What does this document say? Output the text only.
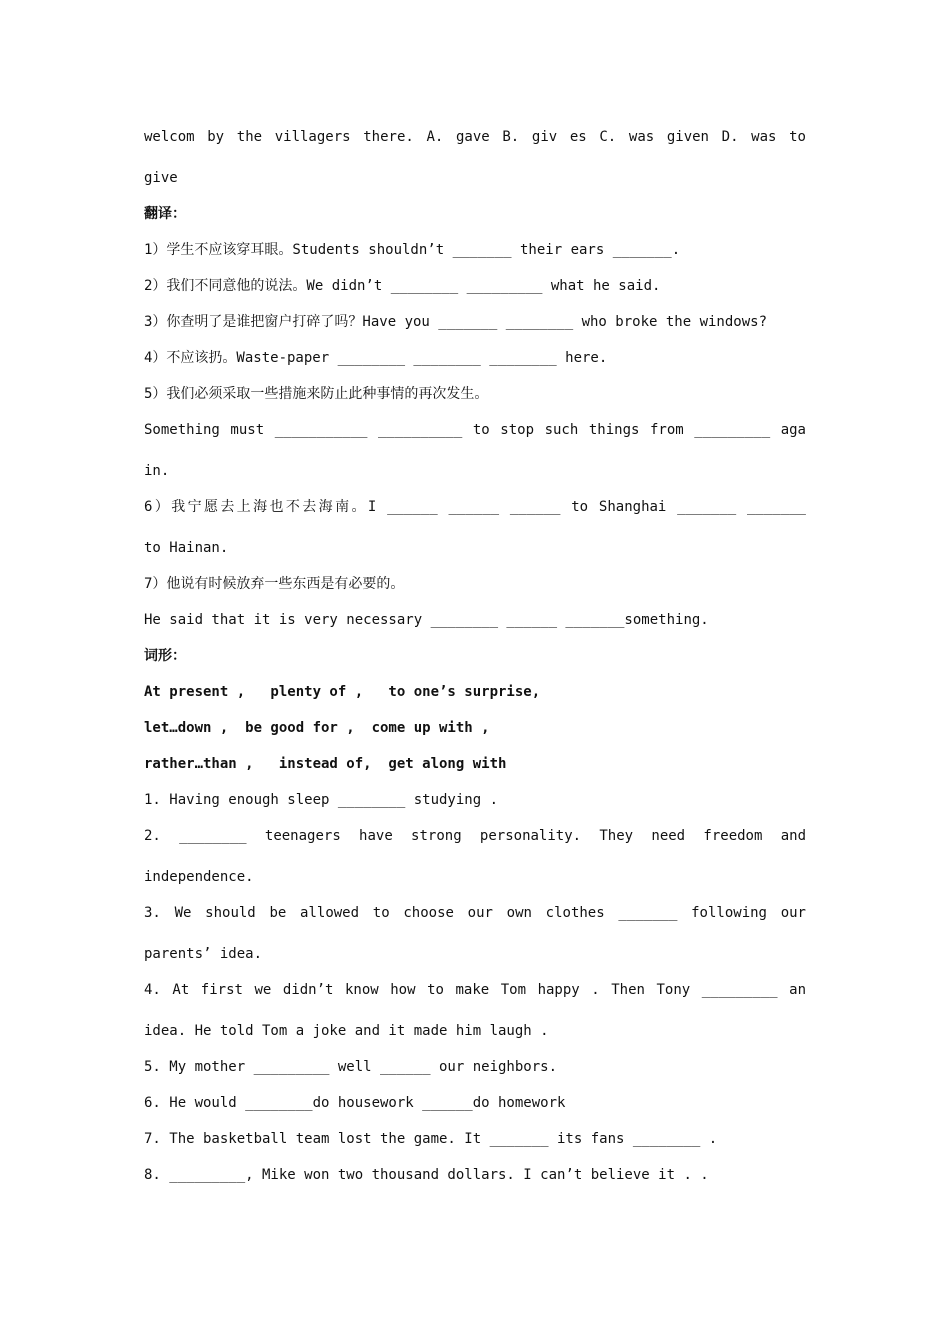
welcom by the villagers there. A. gave B. giv es C. was given D. was to
give
翻译：
1）学生不应该穿耳眼。Students shouldn’t _______ their ears _______.
2）我们不同意他的说法。We didn’t ________ _________ what he said.
3）你查明了是谁把窗户打碎了吗？Have you _______ ________ who broke the windows?
4）不应该扔。Waste-paper ________ ________ ________ here.
5）我们必须采取一些措施来防止此种事情的再次发生。
Something must ___________ __________ to stop such things from _________ aga
in.
6）我宁愿去上海也不去海南。I ______ ______ ______ to Shanghai _______ _______
to Hainan.
7）他说有时候放弃一些东西是有必要的。
He said that it is very necessary ________ ______ _______something.
词形：
At present ,   plenty of ,   to one’s surprise,
let…down ,  be good for ,  come up with ,
rather…than ,   instead of,  get along with
1. Having enough sleep ________ studying .
2. ________ teenagers have strong personality. They need freedom and
independence.
3. We should be allowed to choose our own clothes _______ following our
parents’ idea.
4. At first we didn’t know how to make Tom happy . Then Tony _________ an
idea. He told Tom a joke and it made him laugh .
5. My mother _________ well ______ our neighbors.
6. He would ________do housework ______do homework
7. The basketball team lost the game. It _______ its fans ________ .
8. _________, Mike won two thousand dollars. I can’t believe it . .
